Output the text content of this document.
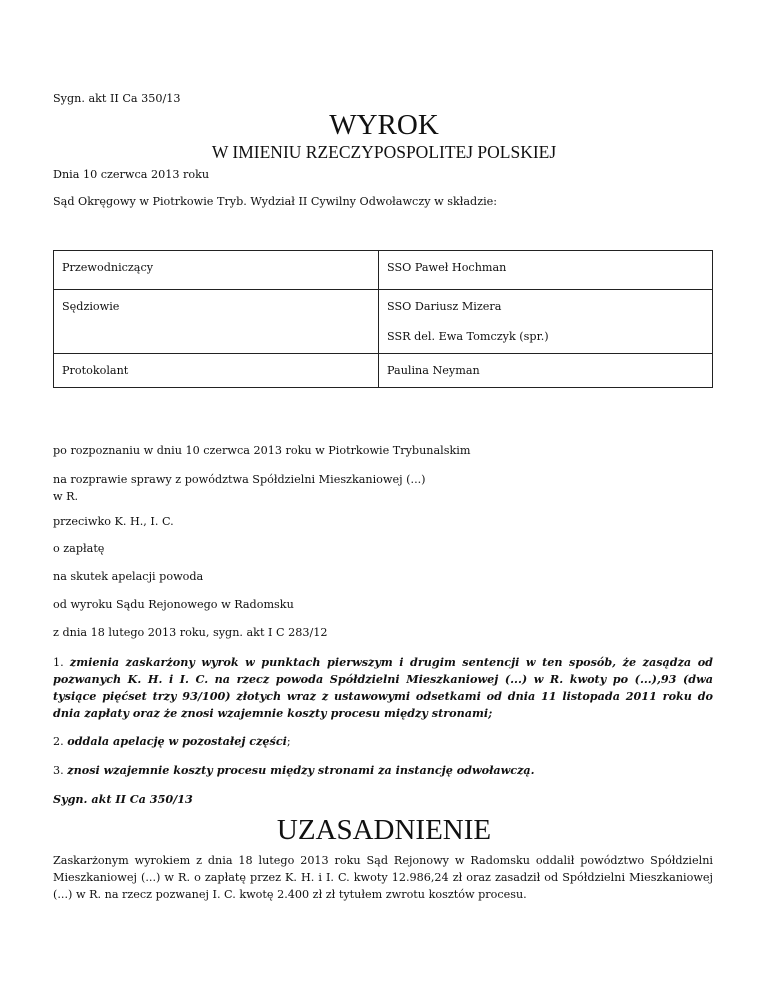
Sygn. akt II Ca 350/13

WYROK
W IMIENIU RZECZYPOSPOLITEJ POLSKIEJ

Dnia 10 czerwca 2013 roku

Sąd Okręgowy w Piotrkowie Tryb. Wydział II Cywilny Odwoławczy w składzie:

Przewodniczący	SSO Paweł Hochman
Sędziowie	SSO Dariusz Mizera
SSR del. Ewa Tomczyk (spr.)

Protokolant	Paulina Neyman

po rozpoznaniu w dniu 10 czerwca 2013 roku w Piotrkowie Trybunalskim

na rozprawie sprawy z powództwa Spółdzielni Mieszkaniowej (...)
w R.

przeciwko K. H., I. C.

o zapłatę

na skutek apelacji powoda

od wyroku Sądu Rejonowego w Radomsku

z dnia 18 lutego 2013 roku, sygn. akt I C 283/12

1. zmienia zaskarżony wyrok w punktach pierwszym i drugim sentencji w ten sposób, że zasądza od pozwanych K. H. i I. C. na rzecz powoda Spółdzielni Mieszkaniowej (...) w R. kwoty po (...),93 (dwa tysiące pięćset trzy 93/100) złotych wraz z ustawowymi odsetkami od dnia 11 listopada 2011 roku do dnia zapłaty oraz że znosi wzajemnie koszty procesu między stronami;

2. oddala apelację w pozostałej części;

3. znosi wzajemnie koszty procesu między stronami za instancję odwoławczą.

Sygn. akt II Ca 350/13

UZASADNIENIE

Zaskarżonym wyrokiem z dnia 18 lutego 2013 roku Sąd Rejonowy w Radomsku oddalił powództwo Spółdzielni Mieszkaniowej (...) w R. o zapłatę przez K. H. i I. C. kwoty 12.986,24 zł oraz zasadził od Spółdzielni Mieszkaniowej (...) w R. na rzecz pozwanej I. C. kwotę 2.400 zł zł tytułem zwrotu kosztów procesu.
